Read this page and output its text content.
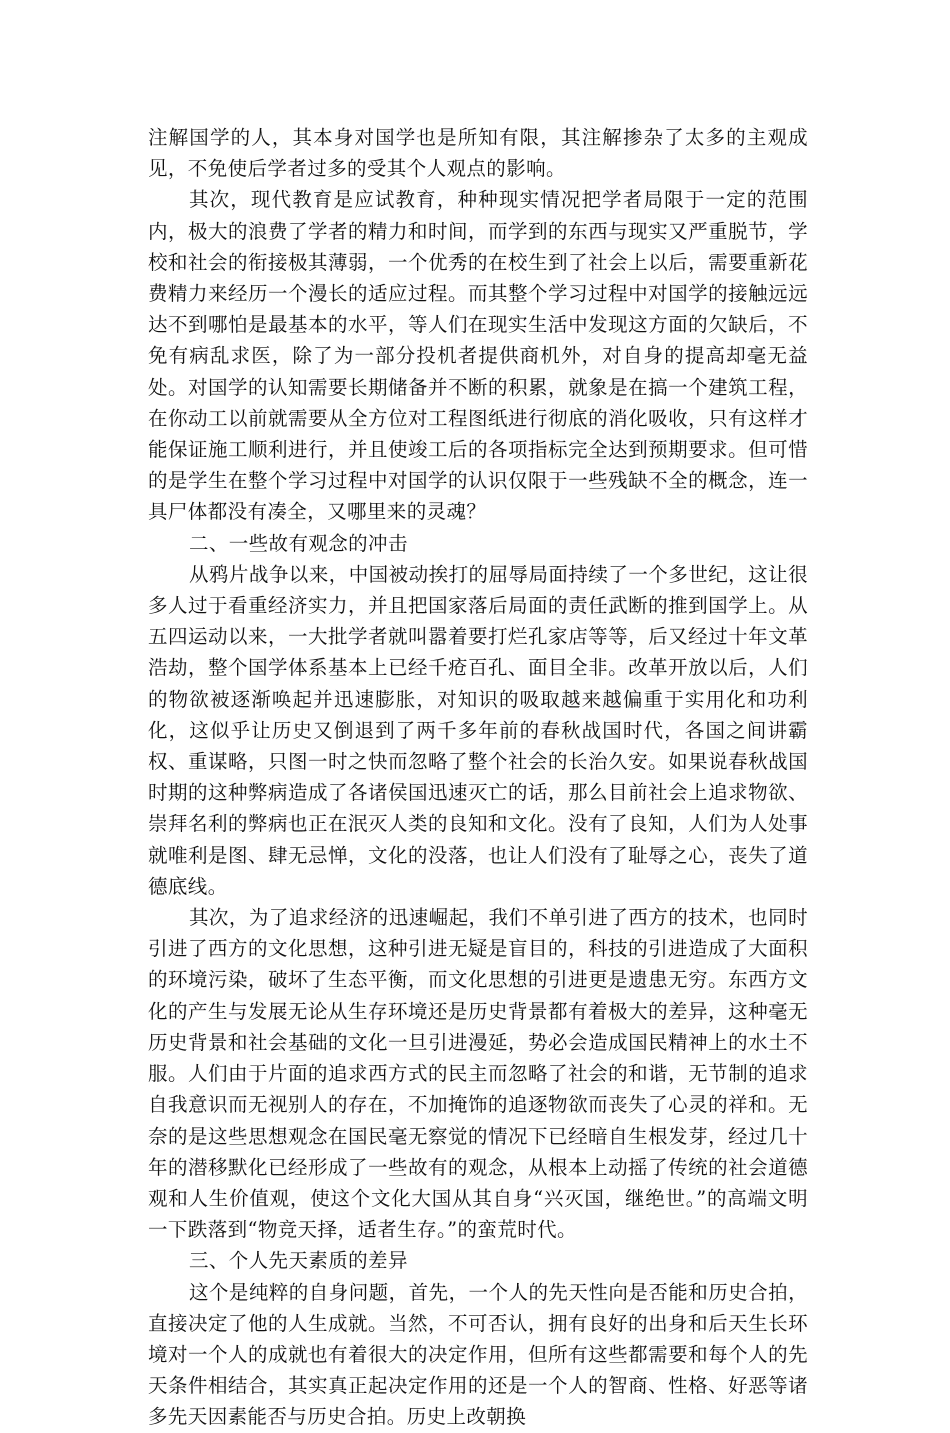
注解国学的人，其本身对国学也是所知有限，其注解掺杂了太多的主观成见，不免使后学者过多的受其个人观点的影响。

其次，现代教育是应试教育，种种现实情况把学者局限于一定的范围内，极大的浪费了学者的精力和时间，而学到的东西与现实又严重脱节，学校和社会的衔接极其薄弱，一个优秀的在校生到了社会上以后，需要重新花费精力来经历一个漫长的适应过程。而其整个学习过程中对国学的接触远远达不到哪怕是最基本的水平，等人们在现实生活中发现这方面的欠缺后，不免有病乱求医，除了为一部分投机者提供商机外，对自身的提高却毫无益处。对国学的认知需要长期储备并不断的积累，就象是在搞一个建筑工程，在你动工以前就需要从全方位对工程图纸进行彻底的消化吸收，只有这样才能保证施工顺利进行，并且使竣工后的各项指标完全达到预期要求。但可惜的是学生在整个学习过程中对国学的认识仅限于一些残缺不全的概念，连一具尸体都没有凑全，又哪里来的灵魂？

二、一些故有观念的冲击

从鸦片战争以来，中国被动挨打的屈辱局面持续了一个多世纪，这让很多人过于看重经济实力，并且把国家落后局面的责任武断的推到国学上。从五四运动以来，一大批学者就叫嚣着要打烂孔家店等等，后又经过十年文革浩劫，整个国学体系基本上已经千疮百孔、面目全非。改革开放以后，人们的物欲被逐渐唤起并迅速膨胀，对知识的吸取越来越偏重于实用化和功利化，这似乎让历史又倒退到了两千多年前的春秋战国时代，各国之间讲霸权、重谋略，只图一时之快而忽略了整个社会的长治久安。如果说春秋战国时期的这种弊病造成了各诸侯国迅速灭亡的话，那么目前社会上追求物欲、崇拜名利的弊病也正在泯灭人类的良知和文化。没有了良知，人们为人处事就唯利是图、肆无忌惮，文化的没落，也让人们没有了耻辱之心，丧失了道德底线。

其次，为了追求经济的迅速崛起，我们不单引进了西方的技术，也同时引进了西方的文化思想，这种引进无疑是盲目的，科技的引进造成了大面积的环境污染，破坏了生态平衡，而文化思想的引进更是遗患无穷。东西方文化的产生与发展无论从生存环境还是历史背景都有着极大的差异，这种毫无历史背景和社会基础的文化一旦引进漫延，势必会造成国民精神上的水土不服。人们由于片面的追求西方式的民主而忽略了社会的和谐，无节制的追求自我意识而无视别人的存在，不加掩饰的追逐物欲而丧失了心灵的祥和。无奈的是这些思想观念在国民毫无察觉的情况下已经暗自生根发芽，经过几十年的潜移默化已经形成了一些故有的观念，从根本上动摇了传统的社会道德观和人生价值观，使这个文化大国从其自身“兴灭国，继绝世。”的高端文明一下跌落到“物竞天择，适者生存。”的蛮荒时代。

三、个人先天素质的差异

这个是纯粹的自身问题，首先，一个人的先天性向是否能和历史合拍，直接决定了他的人生成就。当然，不可否认，拥有良好的出身和后天生长环境对一个人的成就也有着很大的决定作用，但所有这些都需要和每个人的先天条件相结合，其实真正起决定作用的还是一个人的智商、性格、好恶等诸多先天因素能否与历史合拍。历史上改朝换
